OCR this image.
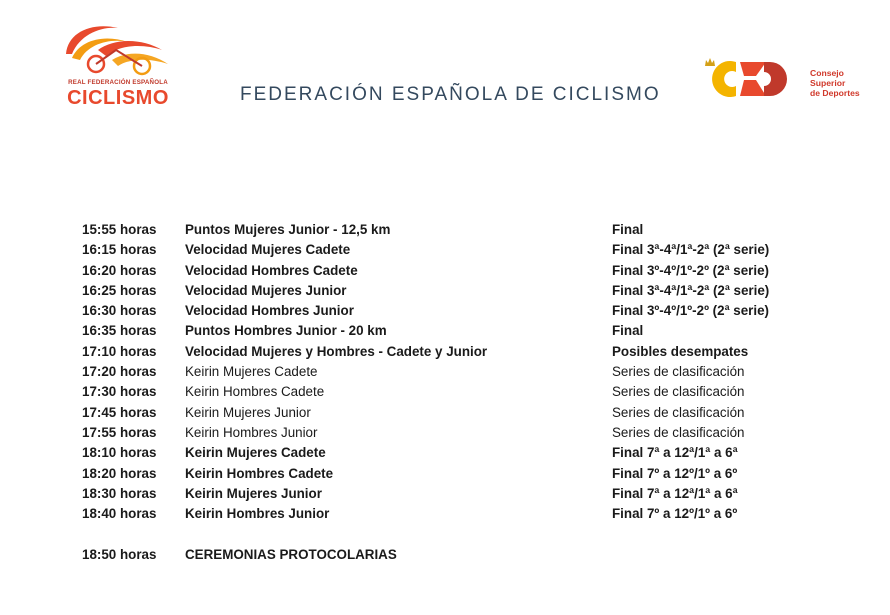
REAL FEDERACIÓN ESPAÑOLA
CICLISMO	FEDERACIÓN ESPAÑOLA DE CICLISMO
Consejo
Superior
de Deportes
15:55 horas Puntos Mujeres Junior - 12,5 km	Final
16:15 horas Velocidad Mujeres Cadete	Final 3ª-4ª/1ª-2ª (2ª serie)
16:20 horas Velocidad Hombres Cadete	Final 3º-4º/1º-2º (2ª serie)
16:25 horas Velocidad Mujeres Junior	Final 3ª-4ª/1ª-2ª (2ª serie)
16:30 horas Velocidad Hombres Junior	Final 3º-4º/1º-2º (2ª serie)
16:35 horas Puntos Hombres Junior - 20 km	Final
17:10 horas Velocidad Mujeres y Hombres - Cadete y Junior	Posibles desempates
17:20 horas Keirin Mujeres Cadete	Series de clasificación
17:30 horas Keirin Hombres Cadete	Series de clasificación
17:45 horas Keirin Mujeres Junior	Series de clasificación
17:55 horas Keirin Hombres Junior	Series de clasificación
18:10 horas Keirin Mujeres Cadete	Final 7ª a 12ª/1ª a 6ª
18:20 horas Keirin Hombres Cadete	Final 7º a 12º/1º a 6º
18:30 horas Keirin Mujeres Junior	Final 7ª a 12ª/1ª a 6ª
18:40 horas Keirin Hombres Junior	Final 7º a 12º/1º a 6º
18:50 horas CEREMONIAS PROTOCOLARIAS
